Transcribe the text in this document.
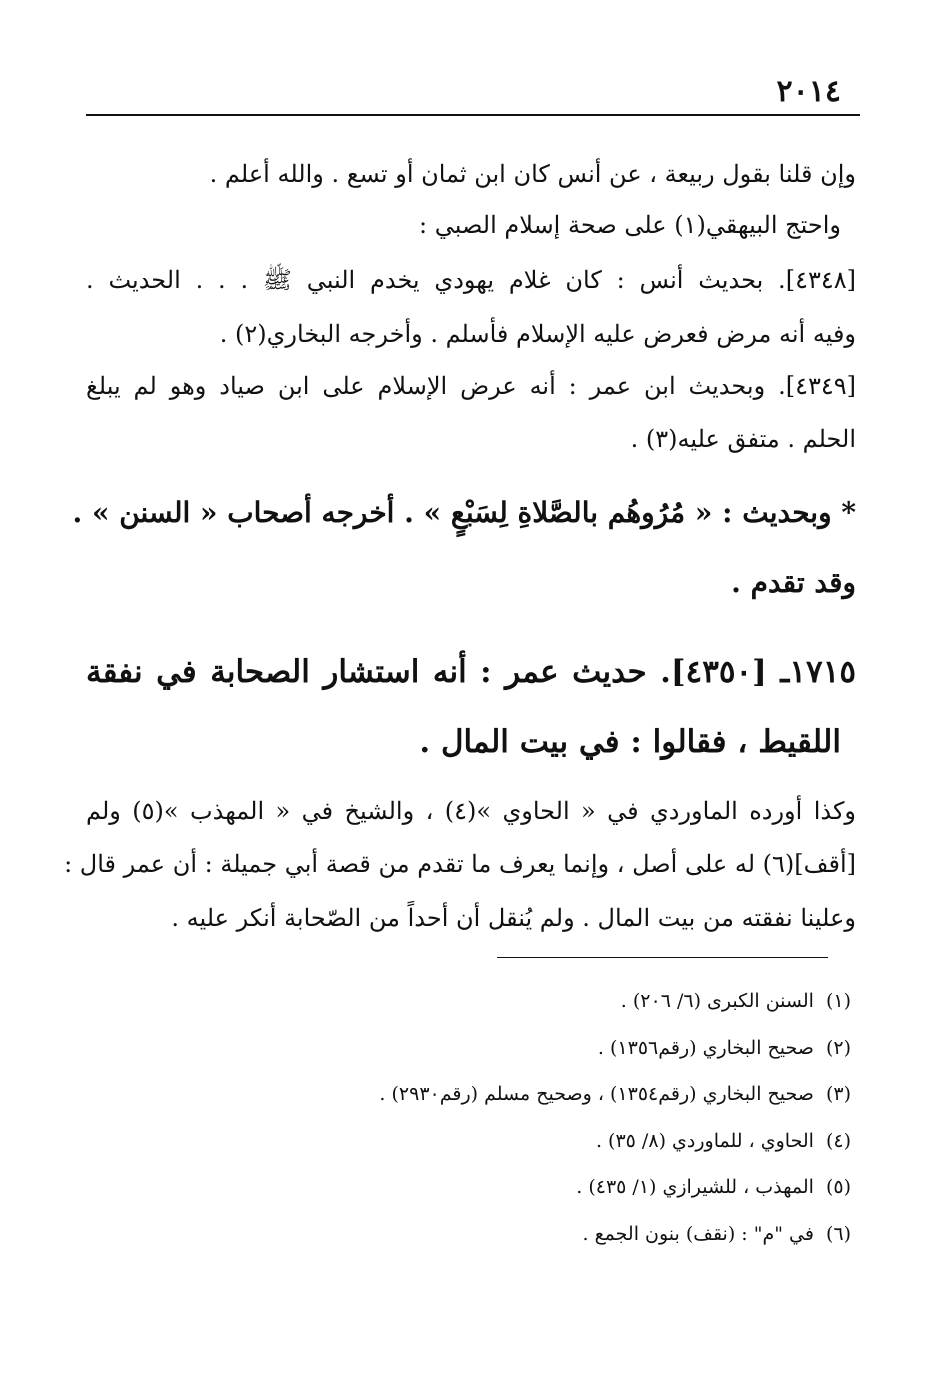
٢٠١٤
وإن قلنا بقول ربيعة ، عن أنس كان ابن ثمان أو تسع . والله أعلم .
واحتج البيهقي(١) على صحة إسلام الصبي :
[٤٣٤٨]. بحديث أنس : كان غلام يهودي يخدم النبي ﷺ . . . الحديث .
وفيه أنه مرض فعرض عليه الإسلام فأسلم . وأخرجه البخاري(٢) .
[٤٣٤٩]. وبحديث ابن عمر : أنه عرض الإسلام على ابن صياد وهو لم يبلغ
الحلم . متفق عليه(٣) .
* وبحديث : « مُرُوهُم بالصَّلاةِ لِسَبْعٍ » . أخرجه أصحاب « السنن » .
وقد تقدم .
١٧١٥ـ [٤٣٥٠]. حديث عمر : أنه استشار الصحابة في نفقة
اللقيط ، فقالوا : في بيت المال .
وكذا أورده الماوردي في « الحاوي »(٤) ، والشيخ في « المهذب »(٥) ولم
[أقف](٦) له على أصل ، وإنما يعرف ما تقدم من قصة أبي جميلة : أن عمر قال :
وعلينا نفقته من بيت المال . ولم يُنقل أن أحداً من الصّحابة أنكر عليه .
(١)السنن الكبرى (٦/ ٢٠٦) .
(٢)صحيح البخاري (رقم١٣٥٦) .
(٣)صحيح البخاري (رقم١٣٥٤) ، وصحيح مسلم (رقم٢٩٣٠) .
(٤)الحاوي ، للماوردي (٨/ ٣٥) .
(٥)المهذب ، للشيرازي (١/ ٤٣٥) .
(٦)في "م" : (نقف) بنون الجمع .
